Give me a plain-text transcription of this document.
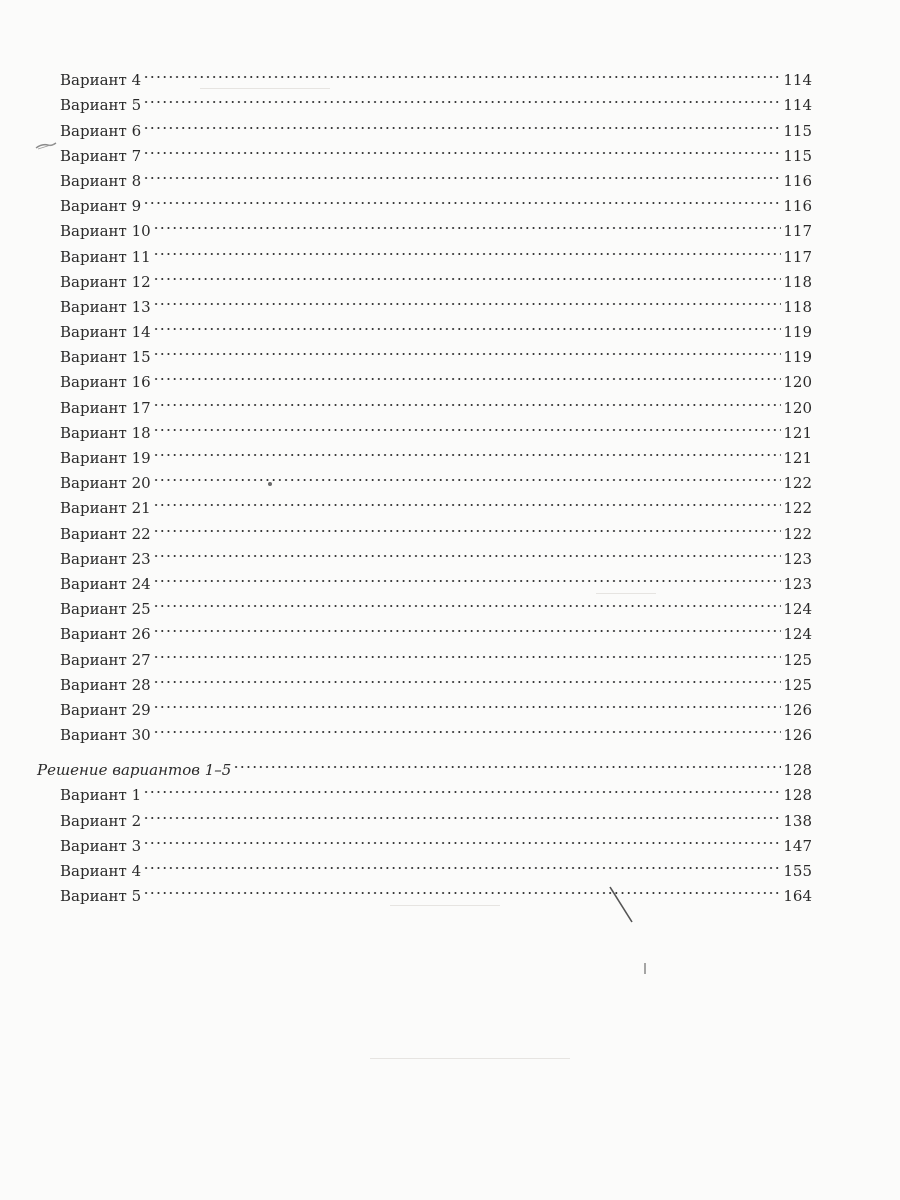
Вариант 4	114
Вариант 5	114
Вариант 6	115
Вариант 7	115
Вариант 8	116
Вариант 9	116
Вариант 10	117
Вариант 11	117
Вариант 12	118
Вариант 13	118
Вариант 14	119
Вариант 15	119
Вариант 16	120
Вариант 17	120
Вариант 18	121
Вариант 19	121
Вариант 20	122
Вариант 21	122
Вариант 22	122
Вариант 23	123
Вариант 24	123
Вариант 25	124
Вариант 26	124
Вариант 27	125
Вариант 28	125
Вариант 29	126
Вариант 30	126
Решение вариантов 1–5	128
Вариант 1	128
Вариант 2	138
Вариант 3	147
Вариант 4	155
Вариант 5	164
